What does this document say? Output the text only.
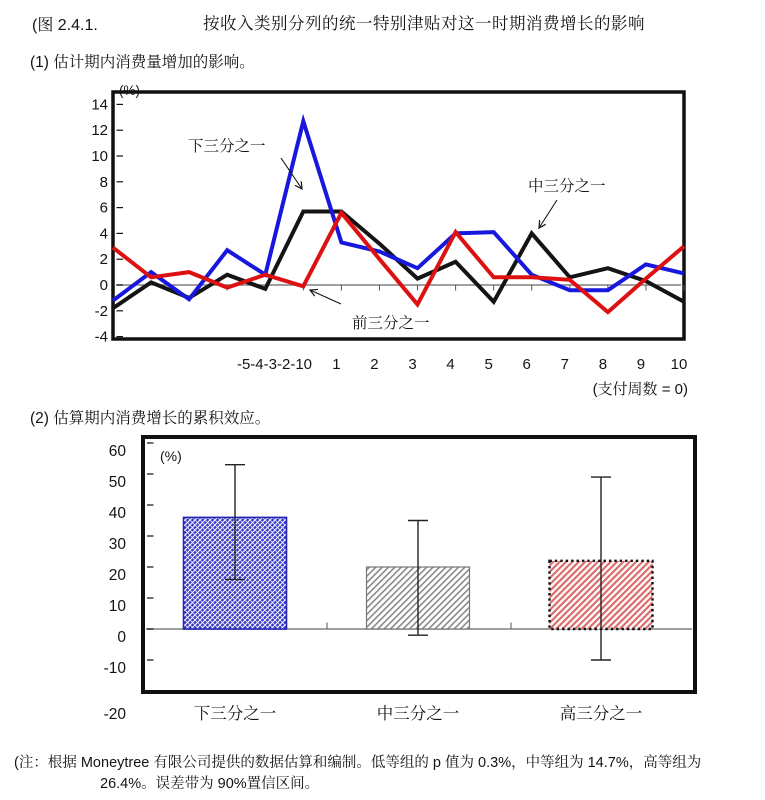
(图 2.4.1.	按收入类别分列的统一特别津贴对这一时期消费增长的影响
(1) 估计期内消费量增加的影响。
(2) 估算期内消费增长的累积效应。
(%)
14
12
10
8
6
4
2
0
-2
-4
-5-4-3-2-10 1 2 3 4 5 6 7 8 9 10
(支付周数 = 0)
下三分之一
中三分之一
前三分之一
(%)
60
50
40
30
20
10
0
-10
-20	下三分之一	中三分之一	高三分之一
(注：根据 Moneytree 有限公司提供的数据估算和编制。低等组的 p 值为 0.3%，中等组为 14.7%，高等组为
26.4%。误差带为 90%置信区间。
